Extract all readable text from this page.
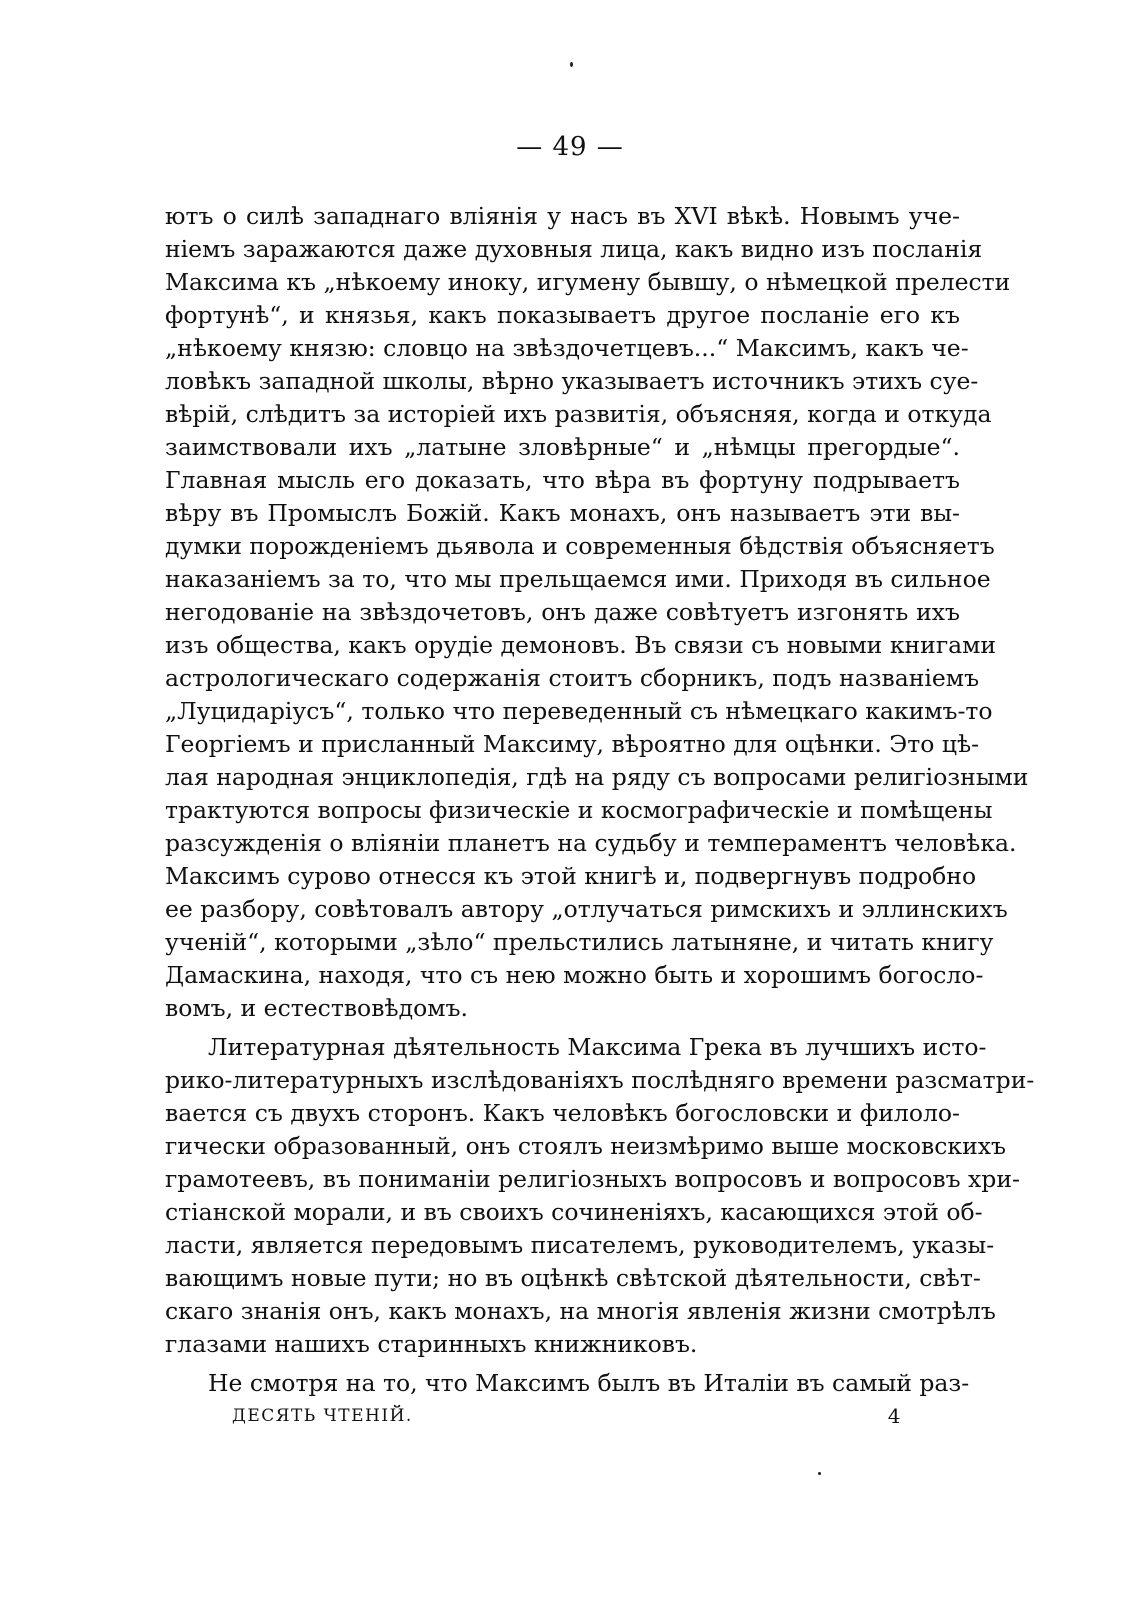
— 49 —
ютъ о силѣ западнаго вліянія у насъ въ XVI вѣкѣ. Новымъ уче-
ніемъ заражаются даже духовныя лица, какъ видно изъ посланія
Максима къ „нѣкоему иноку, игумену бывшу, о нѣмецкой прелести
фортунѣ“, и князья, какъ показываетъ другое посланіе его къ
„нѣкоему князю: словцо на звѣздочетцевъ...“ Максимъ, какъ че-
ловѣкъ западной школы, вѣрно указываетъ источникъ этихъ суе-
вѣрій, слѣдитъ за исторіей ихъ развитія, объясняя, когда и откуда
заимствовали ихъ „латыне зловѣрные“ и „нѣмцы прегордые“.
Главная мысль его доказать, что вѣра въ фортуну подрываетъ
вѣру въ Промыслъ Божій. Какъ монахъ, онъ называетъ эти вы-
думки порожденіемъ дьявола и современныя бѣдствія объясняетъ
наказаніемъ за то, что мы прельщаемся ими. Приходя въ сильное
негодованіе на звѣздочетовъ, онъ даже совѣтуетъ изгонять ихъ
изъ общества, какъ орудіе демоновъ. Въ связи съ новыми книгами
астрологическаго содержанія стоитъ сборникъ, подъ названіемъ
„Луцидаріусъ“, только что переведенный съ нѣмецкаго какимъ-то
Георгіемъ и присланный Максиму, вѣроятно для оцѣнки. Это цѣ-
лая народная энциклопедія, гдѣ на ряду съ вопросами религіозными
трактуются вопросы физическіе и космографическіе и помѣщены
разсужденія о вліяніи планетъ на судьбу и темпераментъ человѣка.
Максимъ сурово отнесся къ этой книгѣ и, подвергнувъ подробно
ее разбору, совѣтовалъ автору „отлучаться римскихъ и эллинскихъ
ученій“, которыми „зѣло“ прельстились латыняне, и читать книгу
Дамаскина, находя, что съ нею можно быть и хорошимъ богосло-
вомъ, и естествовѣдомъ.
Литературная дѣятельность Максима Грека въ лучшихъ исто-
рико-литературныхъ изслѣдованіяхъ послѣдняго времени разсматри-
вается съ двухъ сторонъ. Какъ человѣкъ богословски и филоло-
гически образованный, онъ стоялъ неизмѣримо выше московскихъ
грамотеевъ, въ пониманіи религіозныхъ вопросовъ и вопросовъ хри-
стіанской морали, и въ своихъ сочиненіяхъ, касающихся этой об-
ласти, является передовымъ писателемъ, руководителемъ, указы-
вающимъ новые пути; но въ оцѣнкѣ свѣтской дѣятельности, свѣт-
скаго знанія онъ, какъ монахъ, на многія явленія жизни смотрѣлъ
глазами нашихъ старинныхъ книжниковъ.
Не смотря на то, что Максимъ былъ въ Италіи въ самый раз-
ДЕСЯТЬ ЧТЕНІЙ.	4
